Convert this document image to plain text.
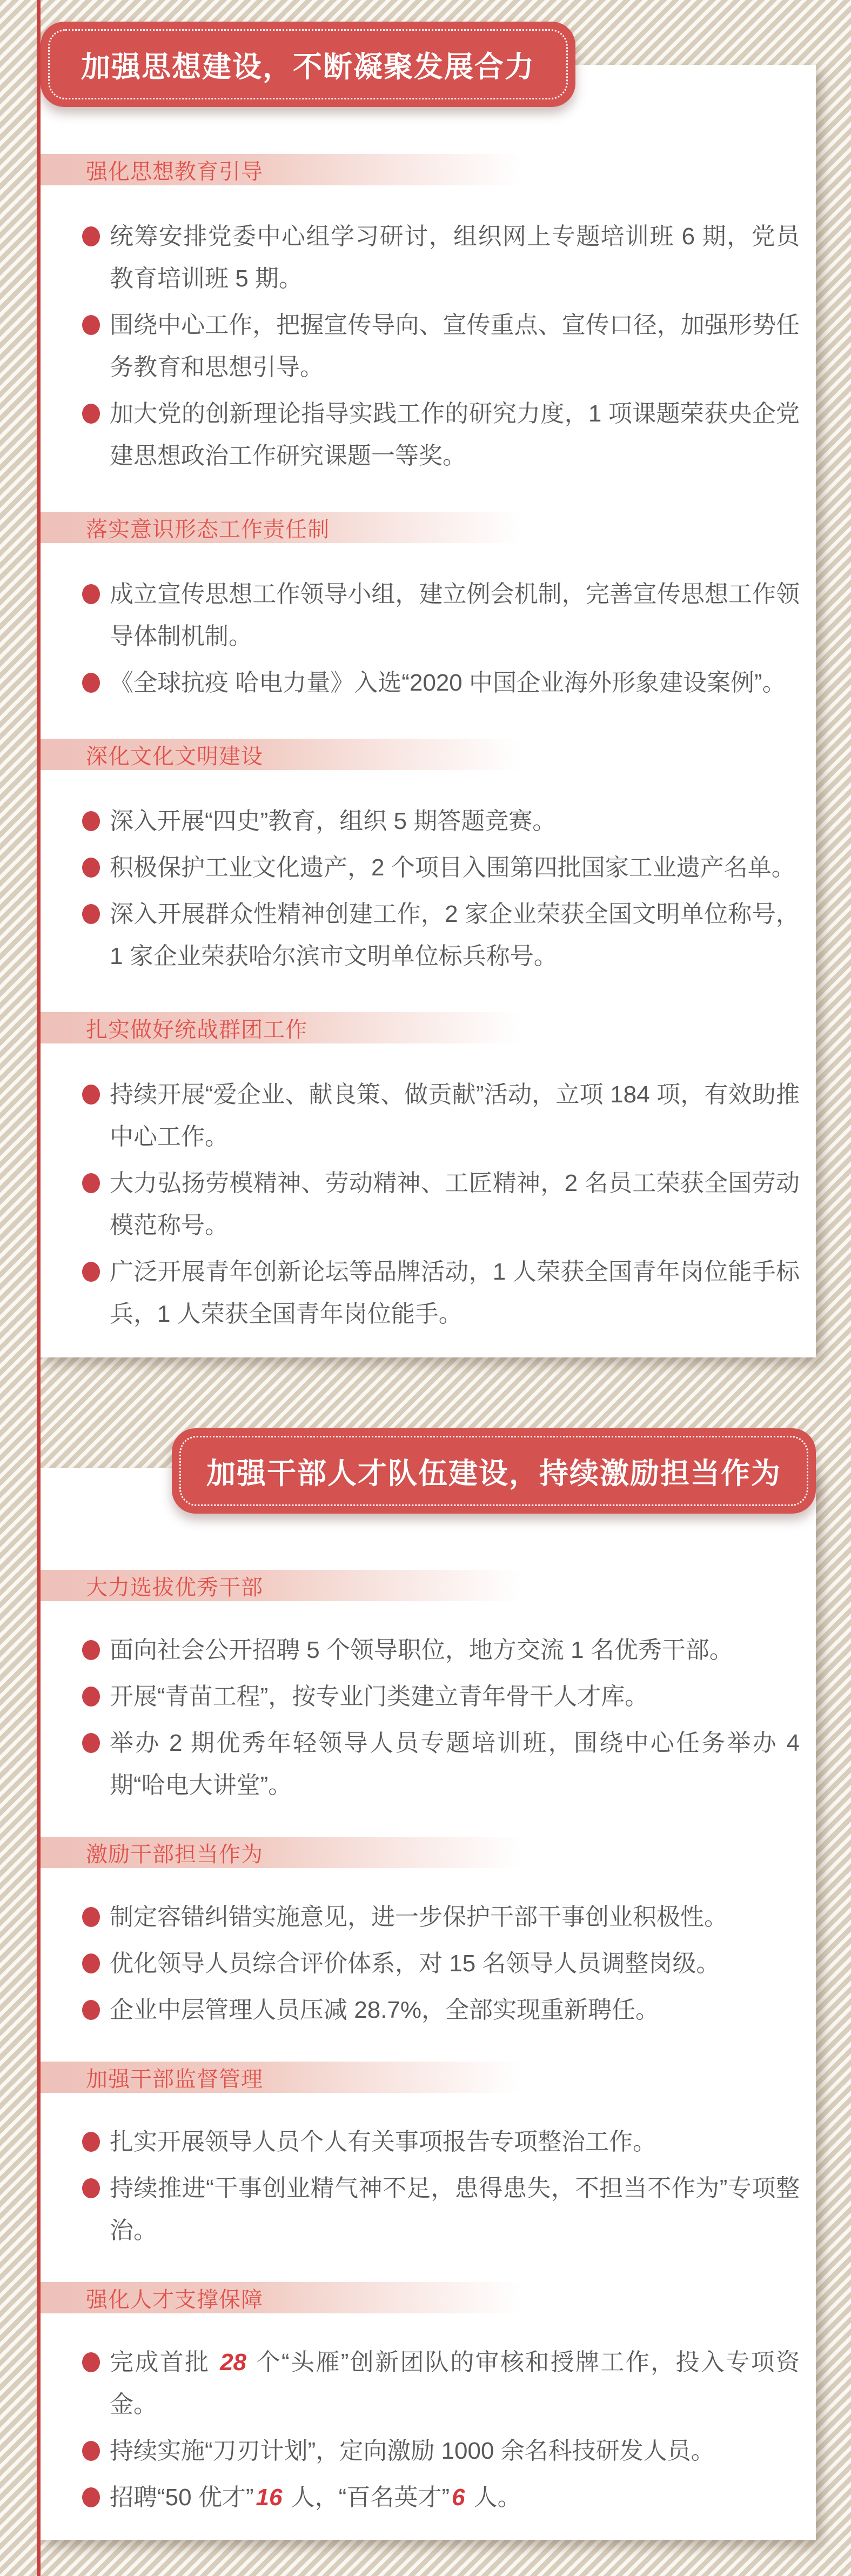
加强思想建设，不断凝聚发展合力
强化思想教育引导
统筹安排党委中心组学习研讨，组织网上专题培训班 6 期，党员教育培训班 5 期。
围绕中心工作，把握宣传导向、宣传重点、宣传口径，加强形势任务教育和思想引导。
加大党的创新理论指导实践工作的研究力度，1 项课题荣获央企党建思想政治工作研究课题一等奖。
落实意识形态工作责任制
成立宣传思想工作领导小组，建立例会机制，完善宣传思想工作领导体制机制。
《全球抗疫 哈电力量》入选“2020 中国企业海外形象建设案例”。
深化文化文明建设
深入开展“四史”教育，组织 5 期答题竞赛。
积极保护工业文化遗产，2 个项目入围第四批国家工业遗产名单。
深入开展群众性精神创建工作，2 家企业荣获全国文明单位称号，1 家企业荣获哈尔滨市文明单位标兵称号。
扎实做好统战群团工作
持续开展“爱企业、献良策、做贡献”活动，立项 184 项，有效助推中心工作。
大力弘扬劳模精神、劳动精神、工匠精神，2 名员工荣获全国劳动模范称号。
广泛开展青年创新论坛等品牌活动，1 人荣获全国青年岗位能手标兵，1 人荣获全国青年岗位能手。
加强干部人才队伍建设，持续激励担当作为
大力选拔优秀干部
面向社会公开招聘 5 个领导职位，地方交流 1 名优秀干部。
开展“青苗工程”，按专业门类建立青年骨干人才库。
举办 2 期优秀年轻领导人员专题培训班，围绕中心任务举办 4 期“哈电大讲堂”。
激励干部担当作为
制定容错纠错实施意见，进一步保护干部干事创业积极性。
优化领导人员综合评价体系，对 15 名领导人员调整岗级。
企业中层管理人员压减 28.7%，全部实现重新聘任。
加强干部监督管理
扎实开展领导人员个人有关事项报告专项整治工作。
持续推进“干事创业精气神不足，患得患失，不担当不作为”专项整治。
强化人才支撑保障
完成首批 28 个“头雁”创新团队的审核和授牌工作，投入专项资金。
持续实施“刀刃计划”，定向激励 1000 余名科技研发人员。
招聘“50 优才”16 人，“百名英才”6 人。
